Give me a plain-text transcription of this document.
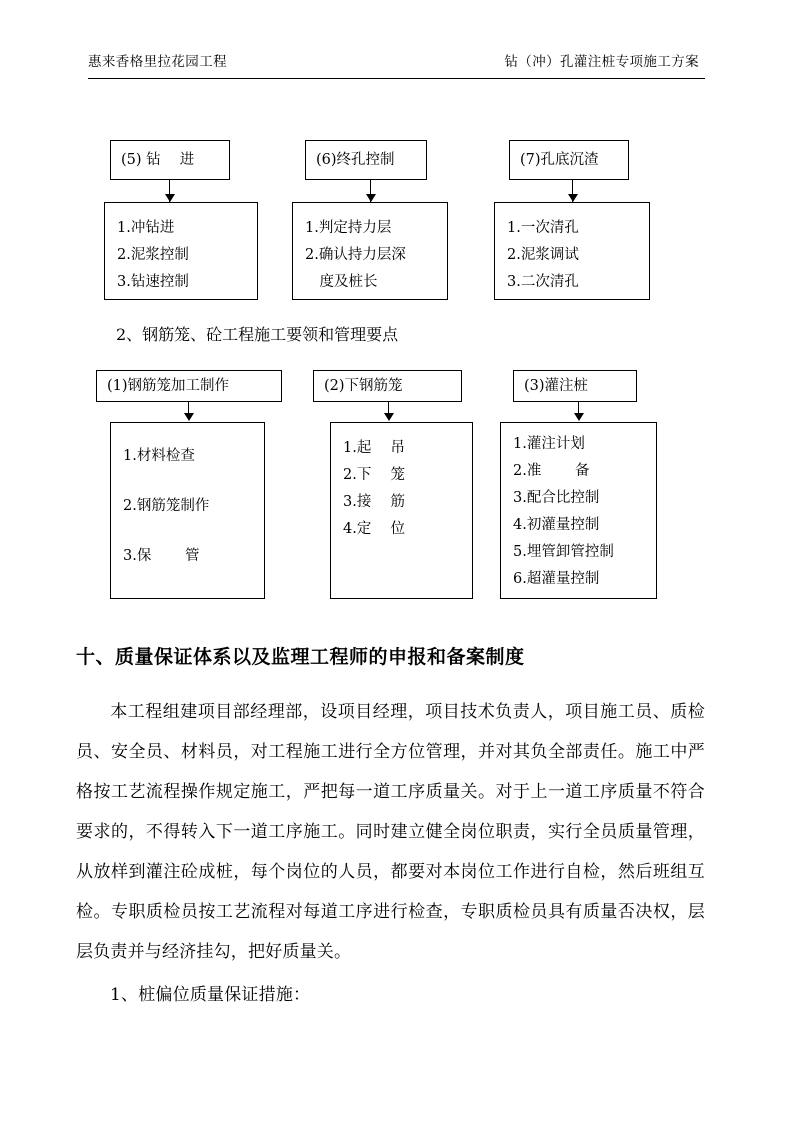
惠来香格里拉花园工程	钻（冲）孔灌注桩专项施工方案
(5) 钻　 进
1.冲钻进
2.泥浆控制
3.钻速控制
(6)终孔控制
1.判定持力层
2.确认持力层深
　度及桩长
(7)孔底沉渣
1.一次清孔
2.泥浆调试
3.二次清孔
2、钢筋笼、砼工程施工要领和管理要点
(1)钢筋笼加工制作
1.材料检查
2.钢筋笼制作
3.保　　 管
(2)下钢筋笼
1.起　 吊
2.下　 笼
3.接　 筋
4.定　 位
(3)灌注桩
1.灌注计划
2.准　　 备
3.配合比控制
4.初灌量控制
5.埋管卸管控制
6.超灌量控制
十、质量保证体系以及监理工程师的申报和备案制度
本工程组建项目部经理部，设项目经理，项目技术负责人，项目施工员、质检员、安全员、材料员，对工程施工进行全方位管理，并对其负全部责任。施工中严格按工艺流程操作规定施工，严把每一道工序质量关。对于上一道工序质量不符合要求的，不得转入下一道工序施工。同时建立健全岗位职责，实行全员质量管理，从放样到灌注砼成桩，每个岗位的人员，都要对本岗位工作进行自检，然后班组互检。专职质检员按工艺流程对每道工序进行检查，专职质检员具有质量否决权，层层负责并与经济挂勾，把好质量关。
1、桩偏位质量保证措施：
